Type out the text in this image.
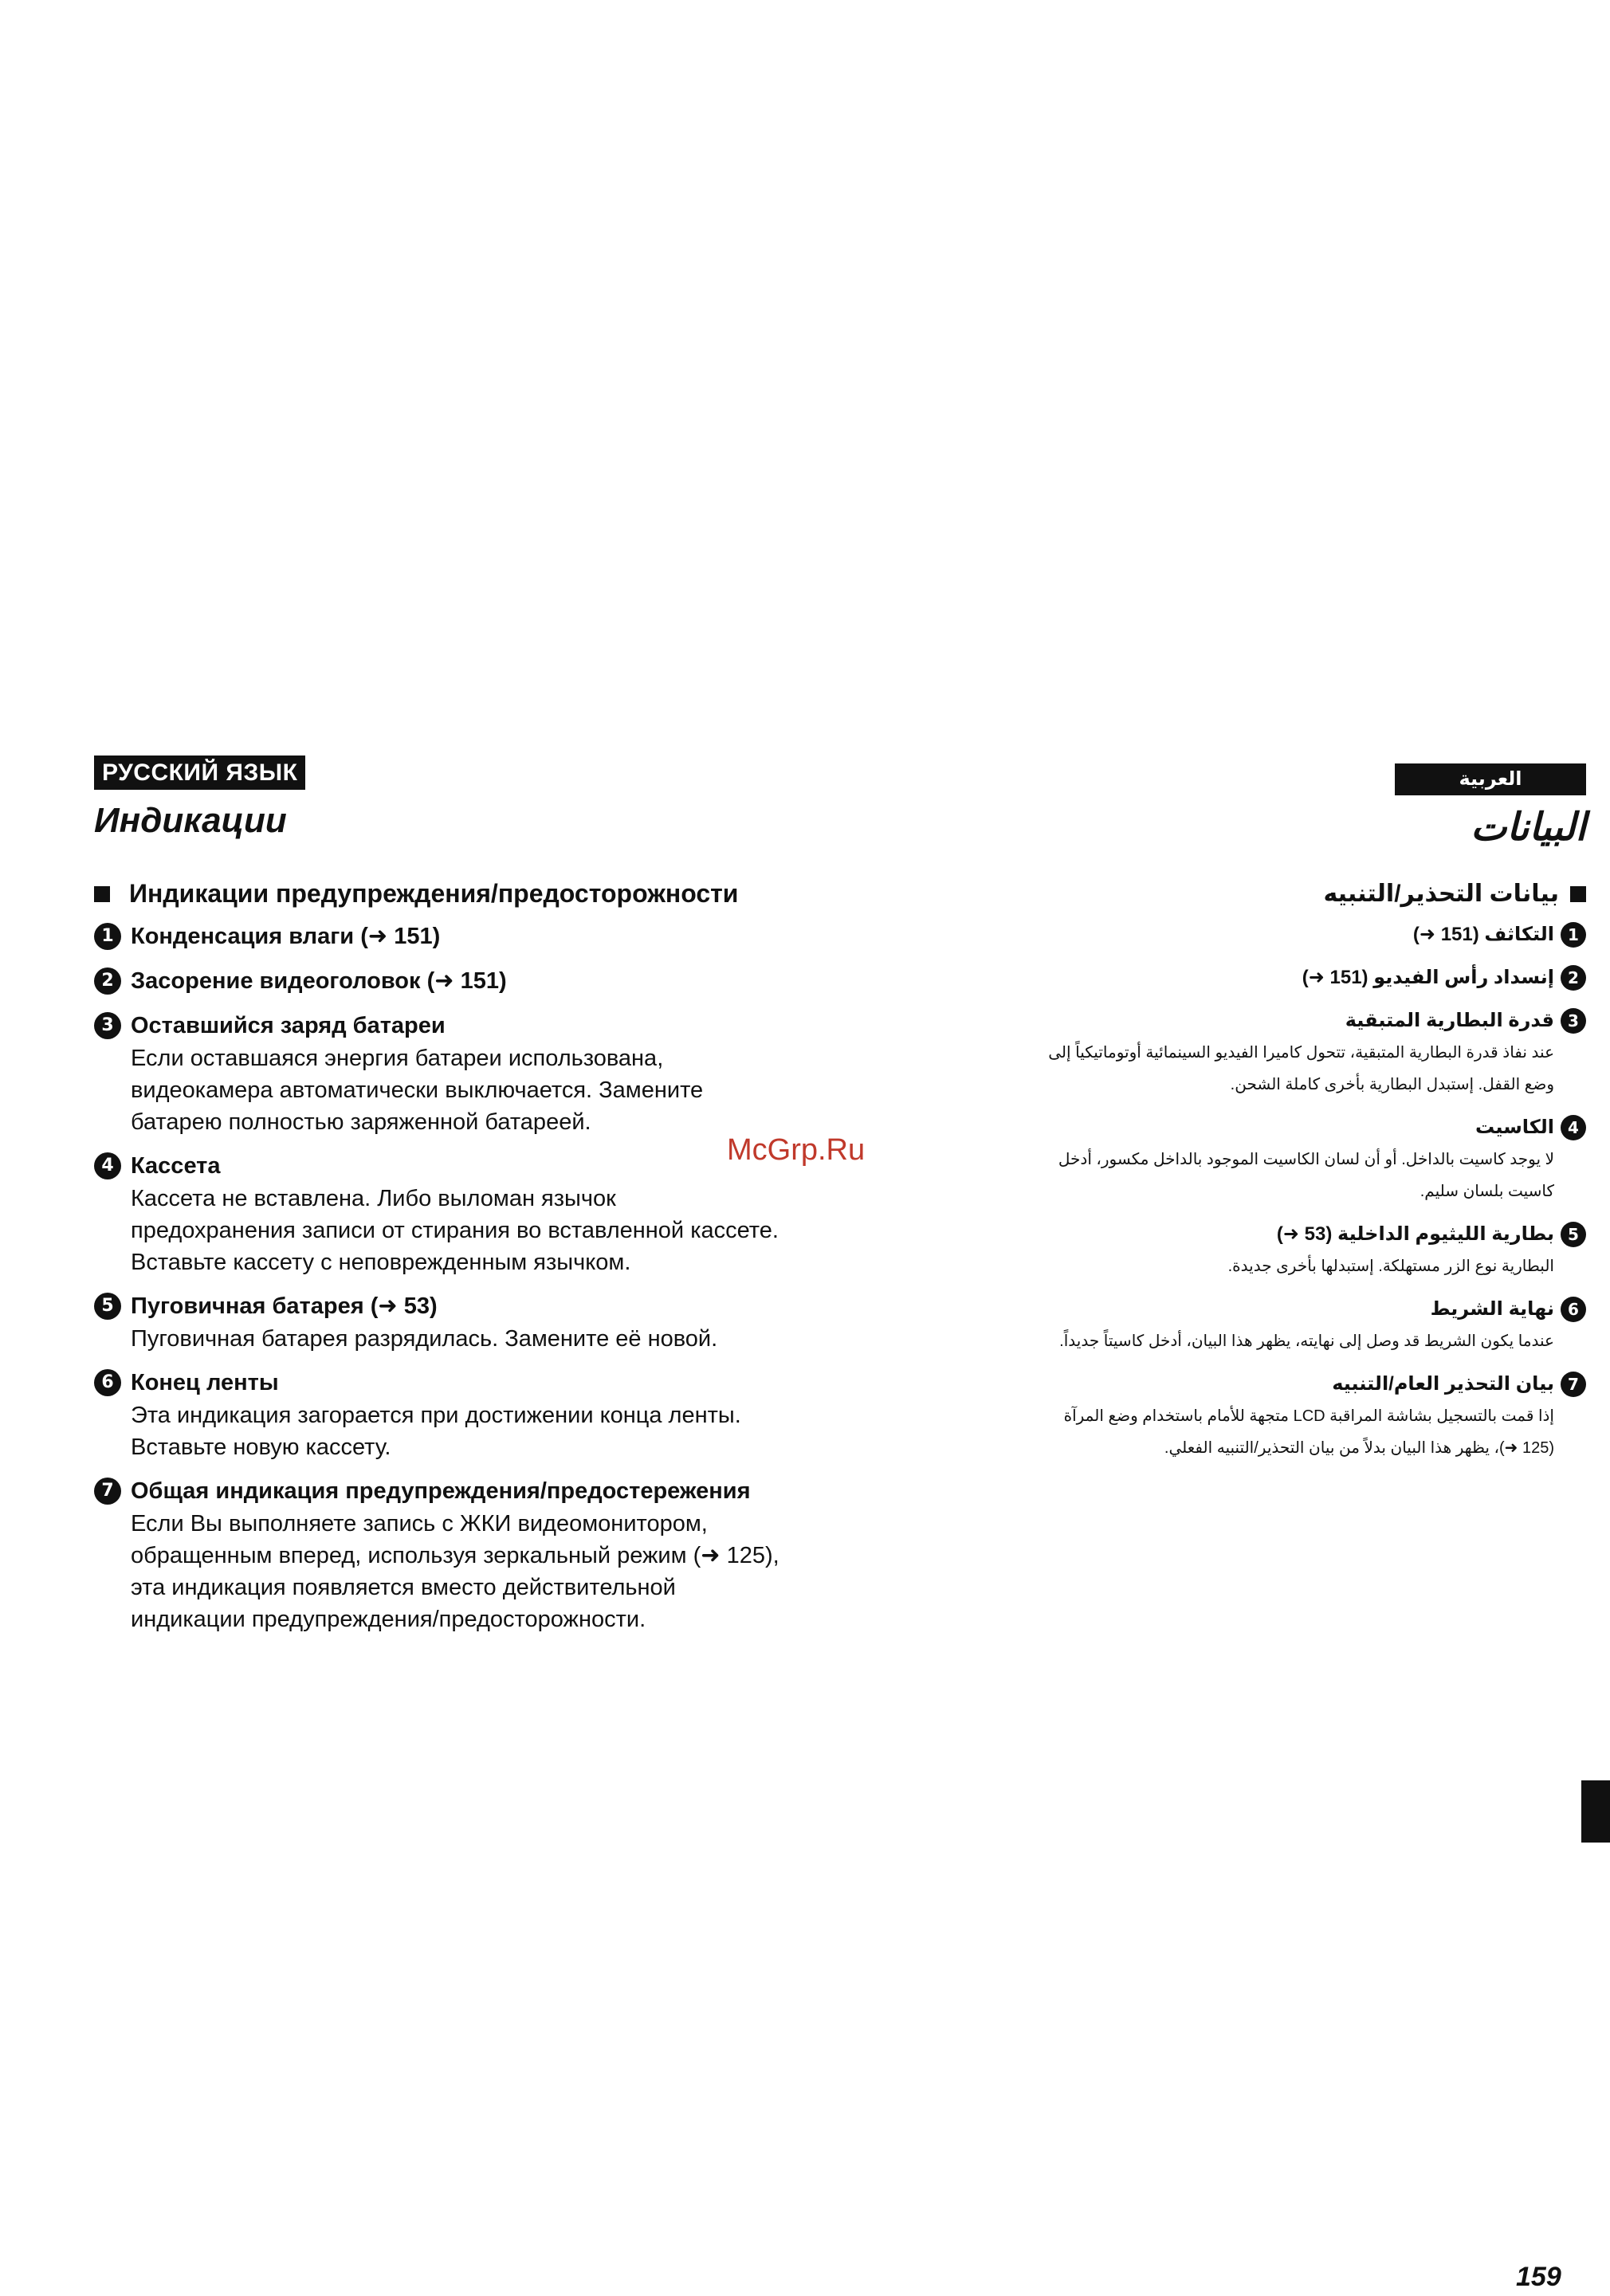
РУССКИЙ ЯЗЫК
Индикации
Индикации предупреждения/предосторожности
1 Конденсация влаги (➜ 151)
2 Засорение видеоголовок (➜ 151)
3 Оставшийся заряд батареи
Если оставшаяся энергия батареи использована,
видеокамера автоматически выключается. Замените
батарею полностью заряженной батареей.
4 Кассета
Кассета не вставлена. Либо выломан язычок
предохранения записи от стирания во вставленной кассете.
Вставьте кассету с неповрежденным язычком.
5 Пуговичная батарея (➜ 53)
Пуговичная батарея разрядилась. Замените её новой.
6 Конец ленты
Эта индикация загорается при достижении конца ленты.
Вставьте новую кассету.
7 Общая индикация предупреждения/предостережения
Если Вы выполняете запись с ЖКИ видеомонитором,
обращенным вперед, используя зеркальный режим (➜ 125),
эта индикация появляется вместо действительной
индикации предупреждения/предосторожности.
العربية
البيانات
بيانات التحذير/التنبيه
1
التكاثف (151 ➜)
2
إنسداد رأس الفيديو (151 ➜)
3
قدرة البطارية المتبقية
عند نفاذ قدرة البطارية المتبقية، تتحول كاميرا الفيديو السينمائية أوتوماتيكياً إلى
وضع القفل. إستبدل البطارية بأخرى كاملة الشحن.
4
الكاسيت
لا يوجد كاسيت بالداخل. أو أن لسان الكاسيت الموجود بالداخل مكسور، أدخل
كاسيت بلسان سليم.
5
بطارية الليثيوم الداخلية (53 ➜)
البطارية نوع الزر مستهلكة. إستبدلها بأخرى جديدة.
6
نهاية الشريط
عندما يكون الشريط قد وصل إلى نهايته، يظهر هذا البيان، أدخل كاسيتاً جديداً.
7
بيان التحذير العام/التنبيه
إذا قمت بالتسجيل بشاشة المراقبة LCD متجهة للأمام باستخدام وضع المرآة
(125 ➜)، يظهر هذا البيان بدلاً من بيان التحذير/التنبيه الفعلي.
McGrp.Ru
159
